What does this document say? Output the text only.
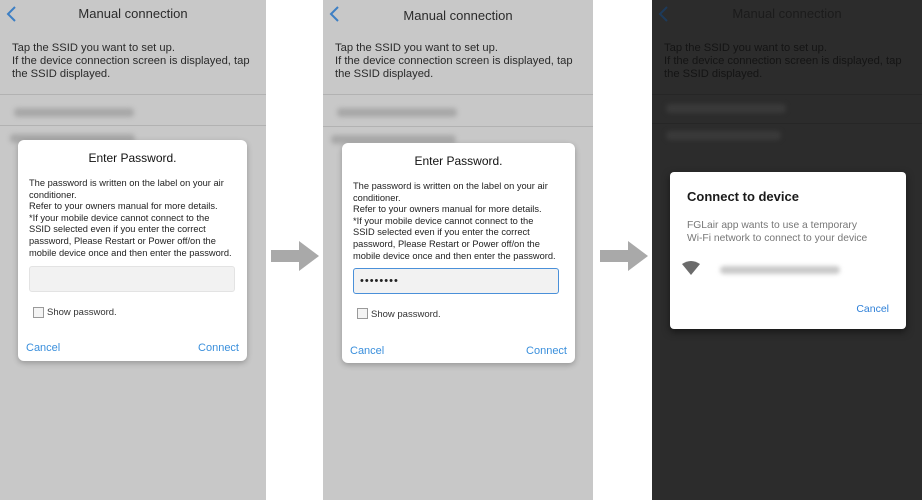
Manual connection
Tap the SSID you want to set up.
If the device connection screen is displayed, tap
the SSID displayed.
Enter Password.
The password is written on the label on your air
conditioner.
Refer to your owners manual for more details.
*If your mobile device cannot connect to the
SSID selected even if you enter the correct
password, Please Restart or Power off/on the
mobile device once and then enter the password.
Show password.
Cancel	Connect
Manual connection
Tap the SSID you want to set up.
If the device connection screen is displayed, tap
the SSID displayed.
Enter Password.
The password is written on the label on your air
conditioner.
Refer to your owners manual for more details.
*If your mobile device cannot connect to the
SSID selected even if you enter the correct
password, Please Restart or Power off/on the
mobile device once and then enter the password.
••••••••
Show password.
Cancel	Connect
Manual connection
Tap the SSID you want to set up.
If the device connection screen is displayed, tap
the SSID displayed.
Connect to device
FGLair app wants to use a temporary
Wi-Fi network to connect to your device
Cancel
